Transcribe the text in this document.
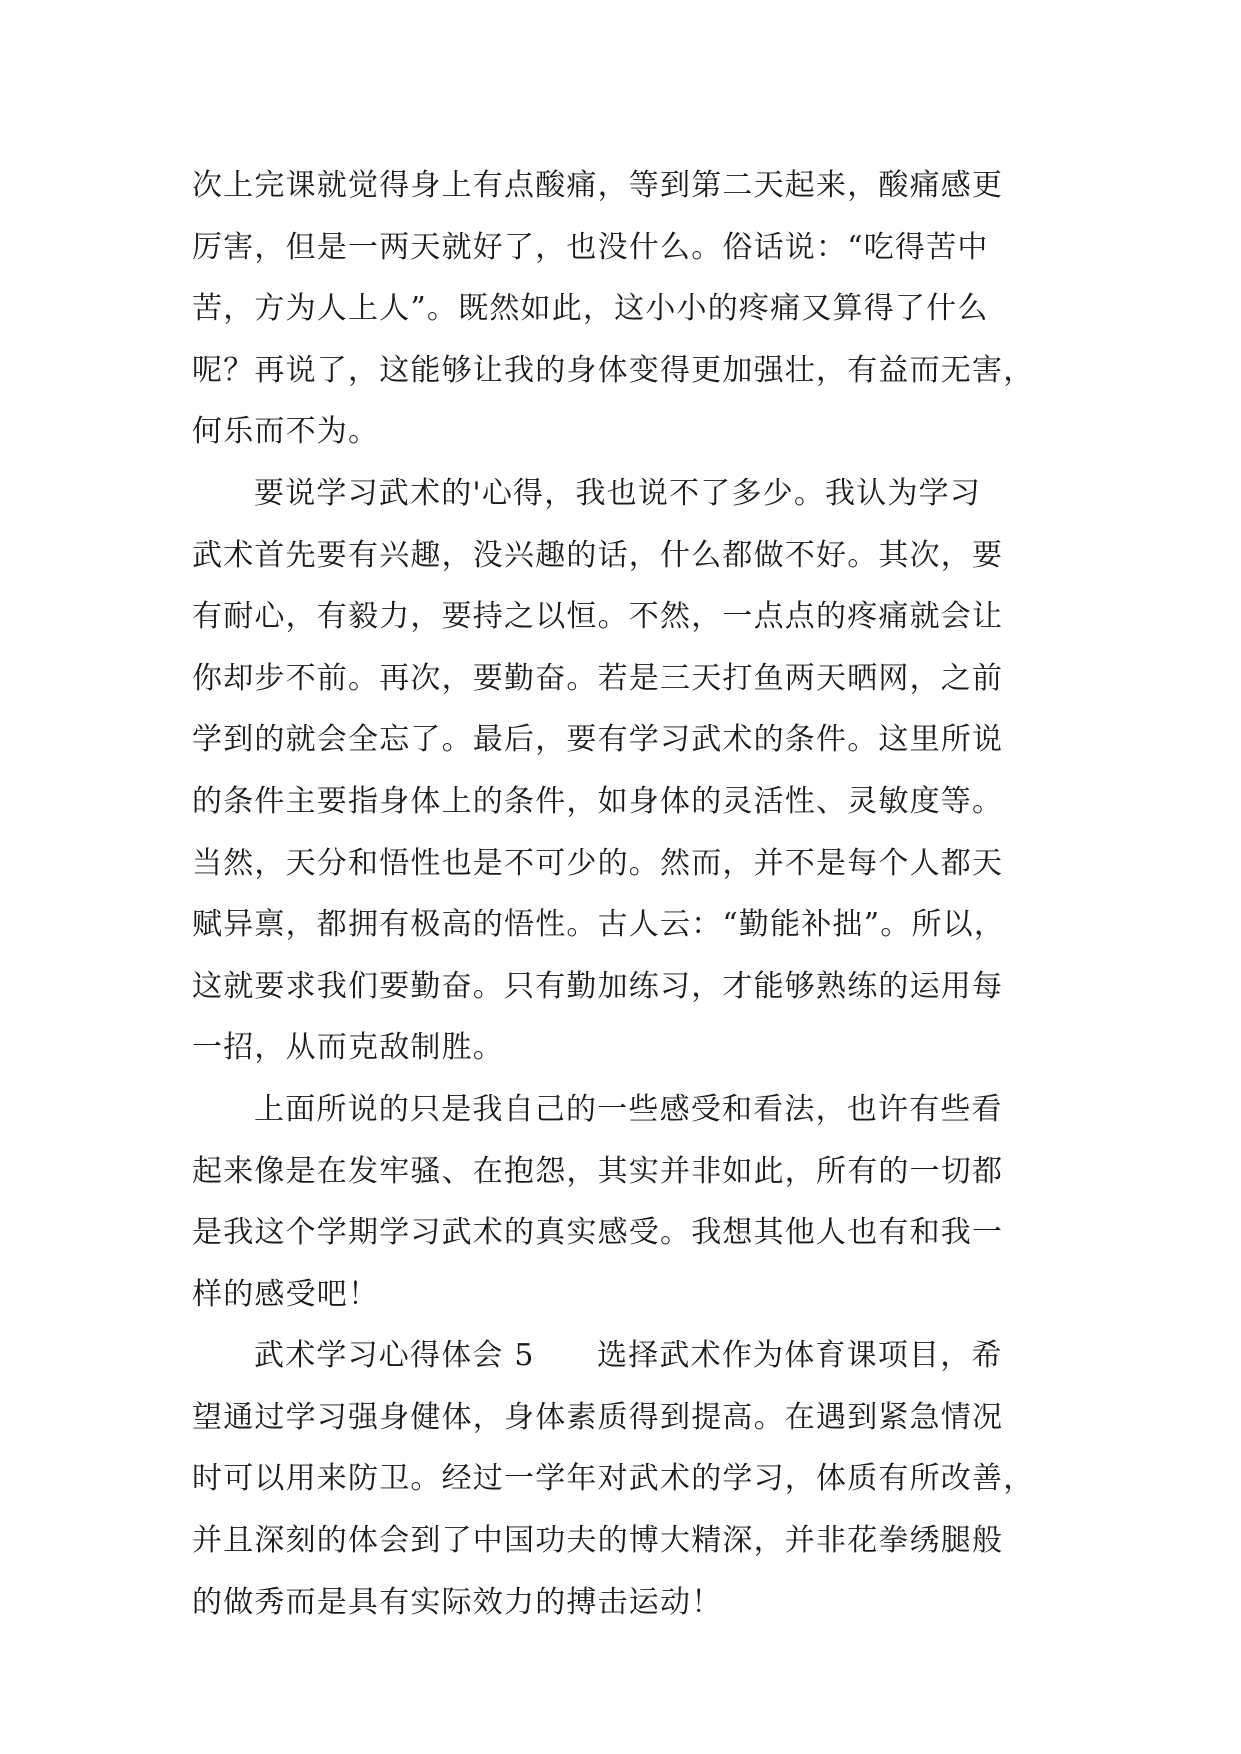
次上完课就觉得身上有点酸痛，等到第二天起来，酸痛感更
厉害，但是一两天就好了，也没什么。俗话说：“吃得苦中
苦，方为人上人”。既然如此，这小小的疼痛又算得了什么
呢？再说了，这能够让我的身体变得更加强壮，有益而无害，
何乐而不为。
要说学习武术的'心得，我也说不了多少。我认为学习
武术首先要有兴趣，没兴趣的话，什么都做不好。其次，要
有耐心，有毅力，要持之以恒。不然，一点点的疼痛就会让
你却步不前。再次，要勤奋。若是三天打鱼两天晒网，之前
学到的就会全忘了。最后，要有学习武术的条件。这里所说
的条件主要指身体上的条件，如身体的灵活性、灵敏度等。
当然，天分和悟性也是不可少的。然而，并不是每个人都天
赋异禀，都拥有极高的悟性。古人云：“勤能补拙”。所以，
这就要求我们要勤奋。只有勤加练习，才能够熟练的运用每
一招，从而克敌制胜。
上面所说的只是我自己的一些感受和看法，也许有些看
起来像是在发牢骚、在抱怨，其实并非如此，所有的一切都
是我这个学期学习武术的真实感受。我想其他人也有和我一
样的感受吧！
武术学习心得体会 5　　选择武术作为体育课项目，希
望通过学习强身健体，身体素质得到提高。在遇到紧急情况
时可以用来防卫。经过一学年对武术的学习，体质有所改善，
并且深刻的体会到了中国功夫的博大精深，并非花拳绣腿般
的做秀而是具有实际效力的搏击运动！
